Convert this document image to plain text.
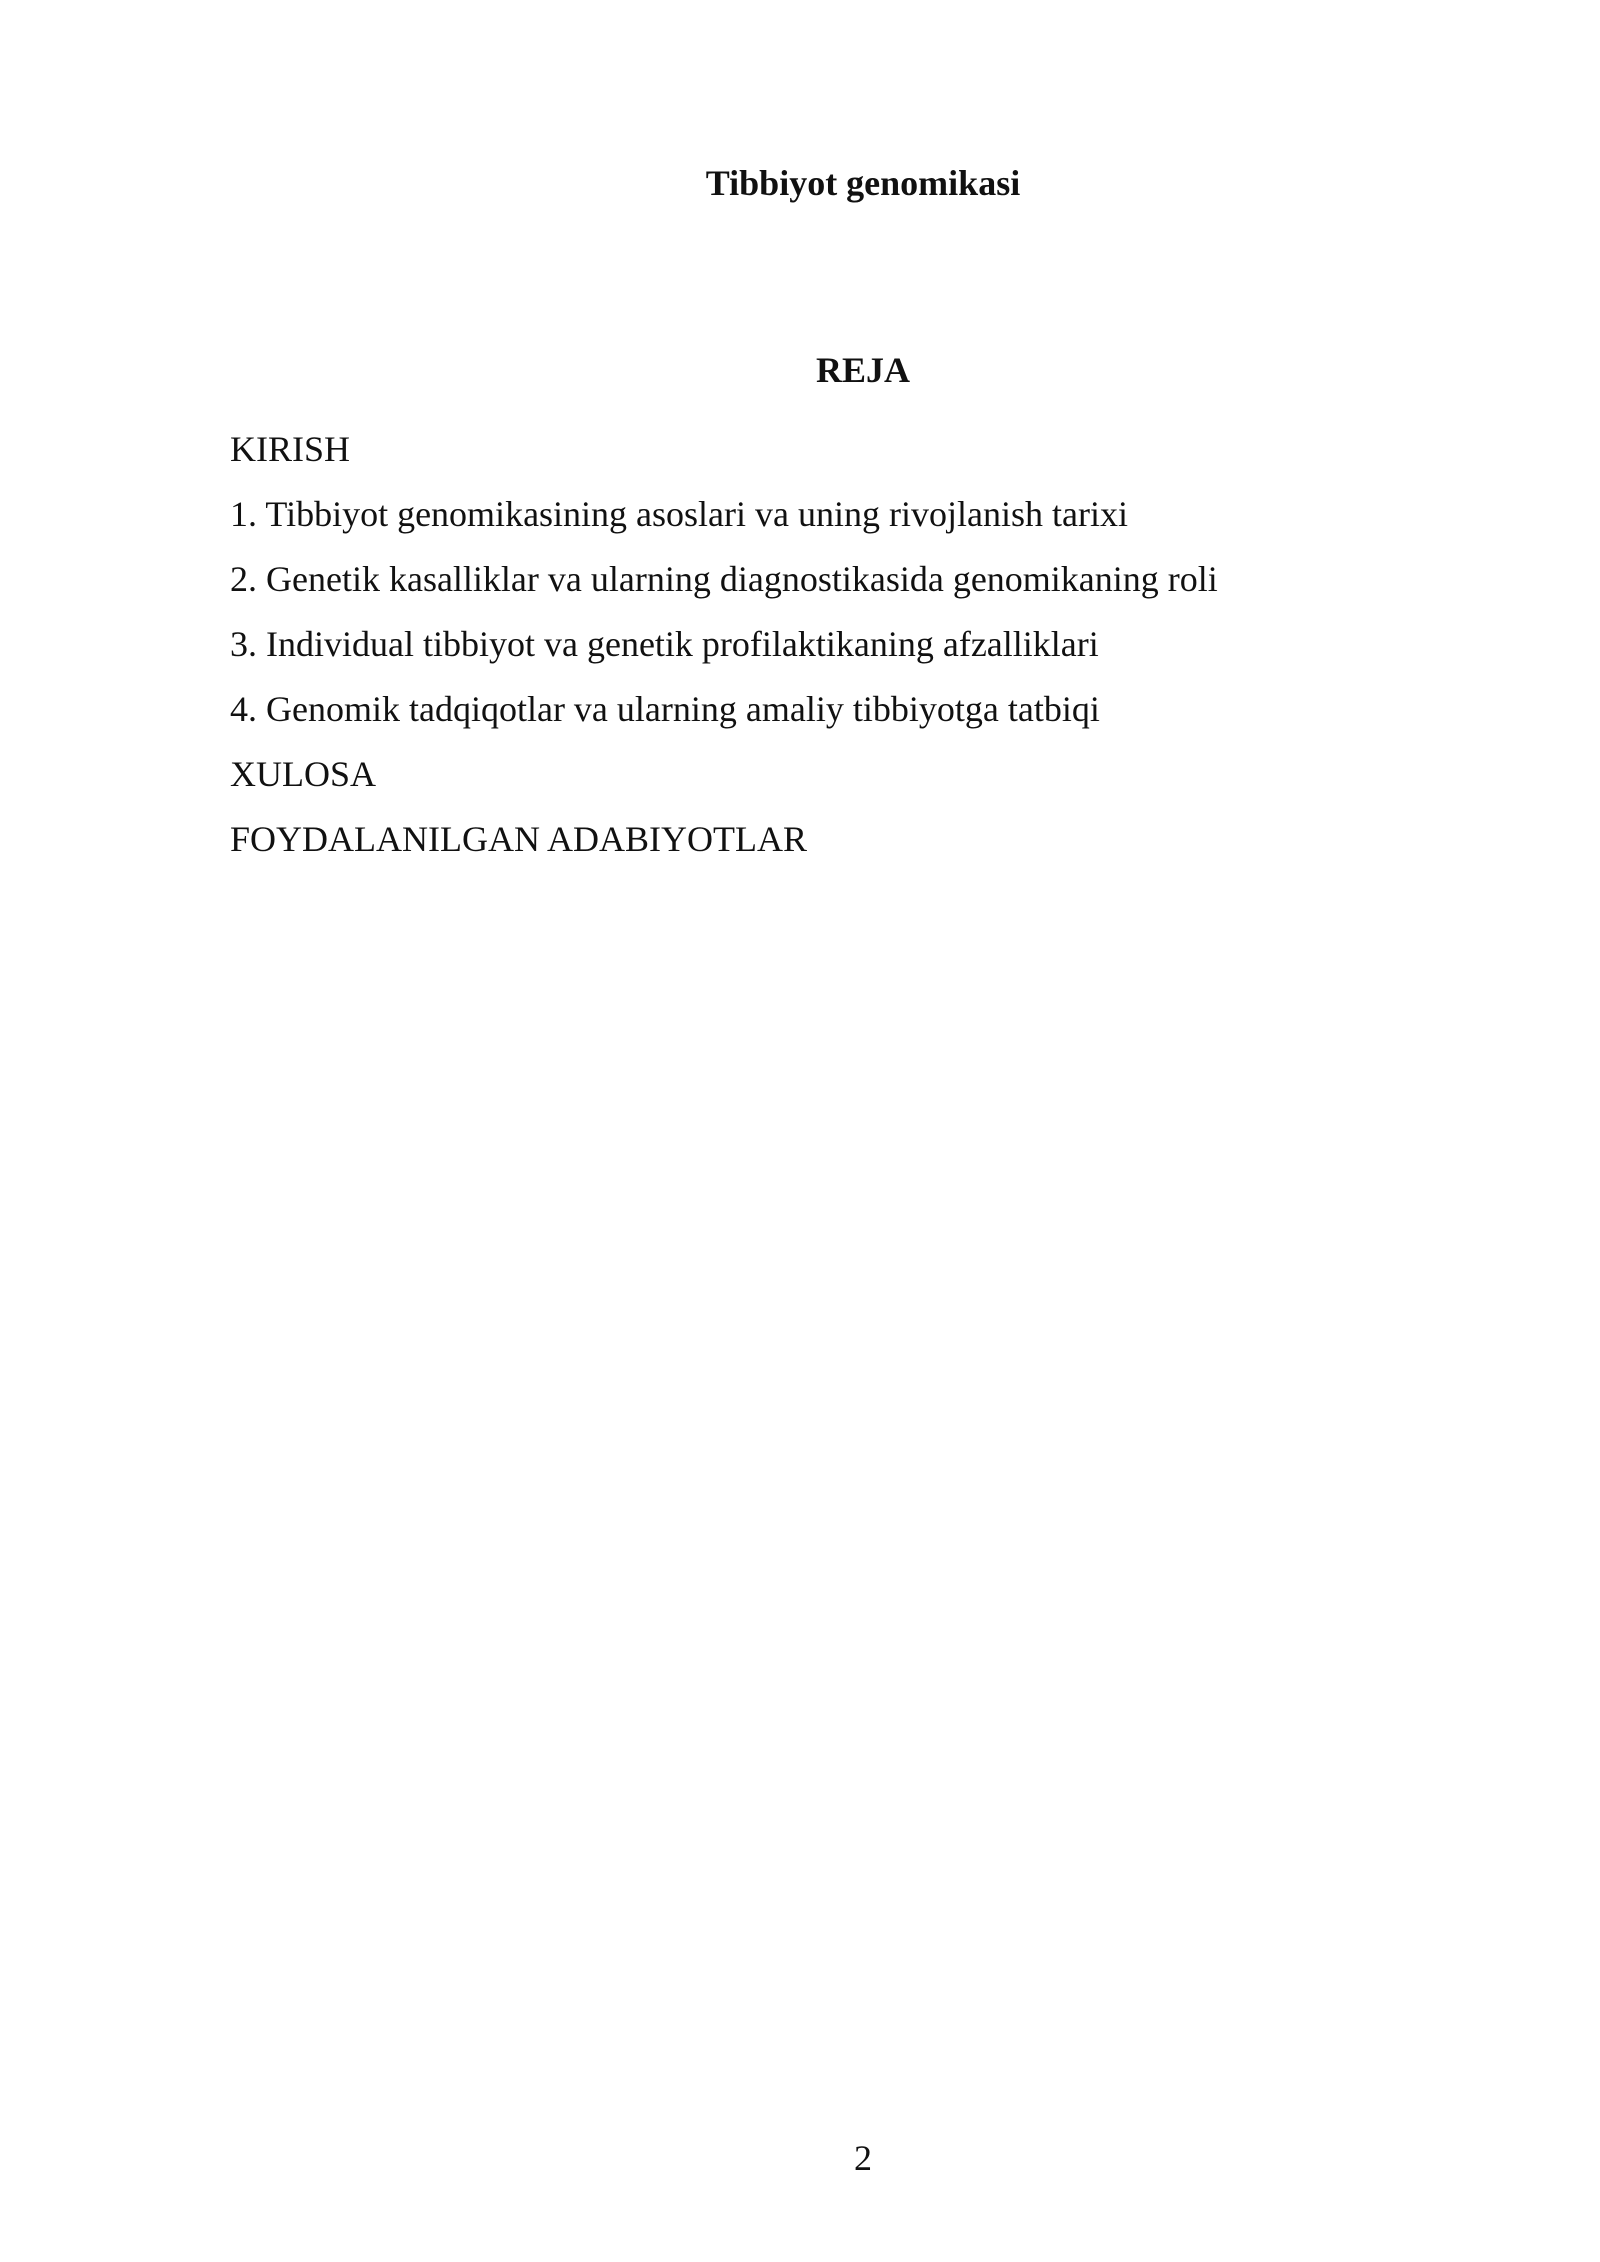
Tibbiyot genomikasi
REJA
KIRISH
1. Tibbiyot genomikasining asoslari va uning rivojlanish tarixi
2. Genetik kasalliklar va ularning diagnostikasida genomikaning roli
3. Individual tibbiyot va genetik profilaktikaning afzalliklari
4. Genomik tadqiqotlar va ularning amaliy tibbiyotga tatbiqi
XULOSA
FOYDALANILGAN ADABIYOTLAR
2
